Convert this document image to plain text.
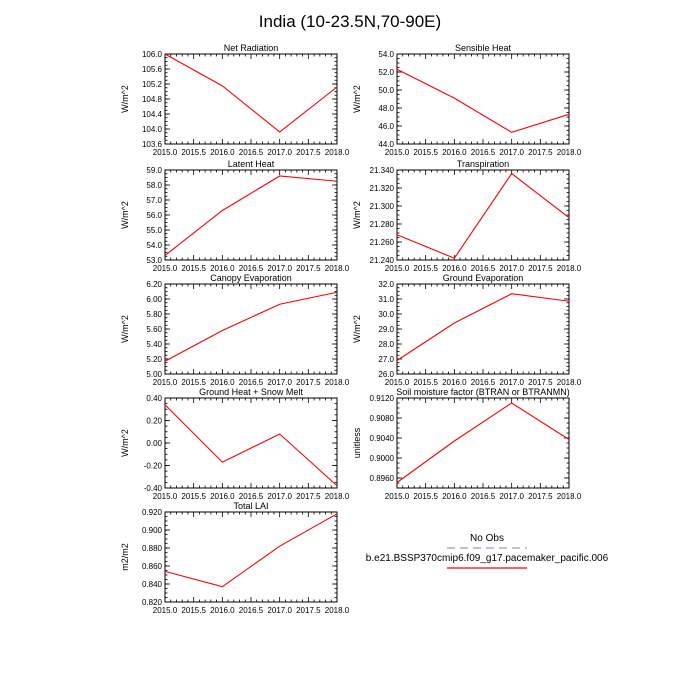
India (10-23.5N,70-90E)
Net Radiation
W/m^2
2015.0 2015.5 2016.0 2016.5 2017.0 2017.5 2018.0
103.6
104.0
104.4
104.8
105.2
105.6
106.0
Sensible Heat
W/m^2
2015.0 2015.5 2016.0 2016.5 2017.0 2017.5 2018.0
44.0
46.0
48.0
50.0
52.0
54.0
Latent Heat
W/m^2
2015.0 2015.5 2016.0 2016.5 2017.0 2017.5 2018.0
53.0
54.0
55.0
56.0
57.0
58.0
59.0
Transpiration
W/m^2
2015.0 2015.5 2016.0 2016.5 2017.0 2017.5 2018.0
21.240
21.260
21.280
21.300
21.320
21.340
Canopy Evaporation
W/m^2
2015.0 2015.5 2016.0 2016.5 2017.0 2017.5 2018.0
5.00
5.20
5.40
5.60
5.80
6.00
6.20
Ground Evaporation
W/m^2
2015.0 2015.5 2016.0 2016.5 2017.0 2017.5 2018.0
26.0
27.0
28.0
29.0
30.0
31.0
32.0
Ground Heat + Snow Melt
W/m^2
2015.0 2015.5 2016.0 2016.5 2017.0 2017.5 2018.0
-0.40
-0.20
0.00
0.20
0.40
Soil moisture factor (BTRAN or BTRANMN)
unitless
2015.0 2015.5 2016.0 2016.5 2017.0 2017.5 2018.0
0.8960
0.9000
0.9040
0.9080
0.9120
Total LAI
m2/m2
2015.0 2015.5 2016.0 2016.5 2017.0 2017.5 2018.0
0.820
0.840
0.860
0.880
0.900
0.920
No Obs
b.e21.BSSP370cmip6.f09_g17.pacemaker_pacific.006
